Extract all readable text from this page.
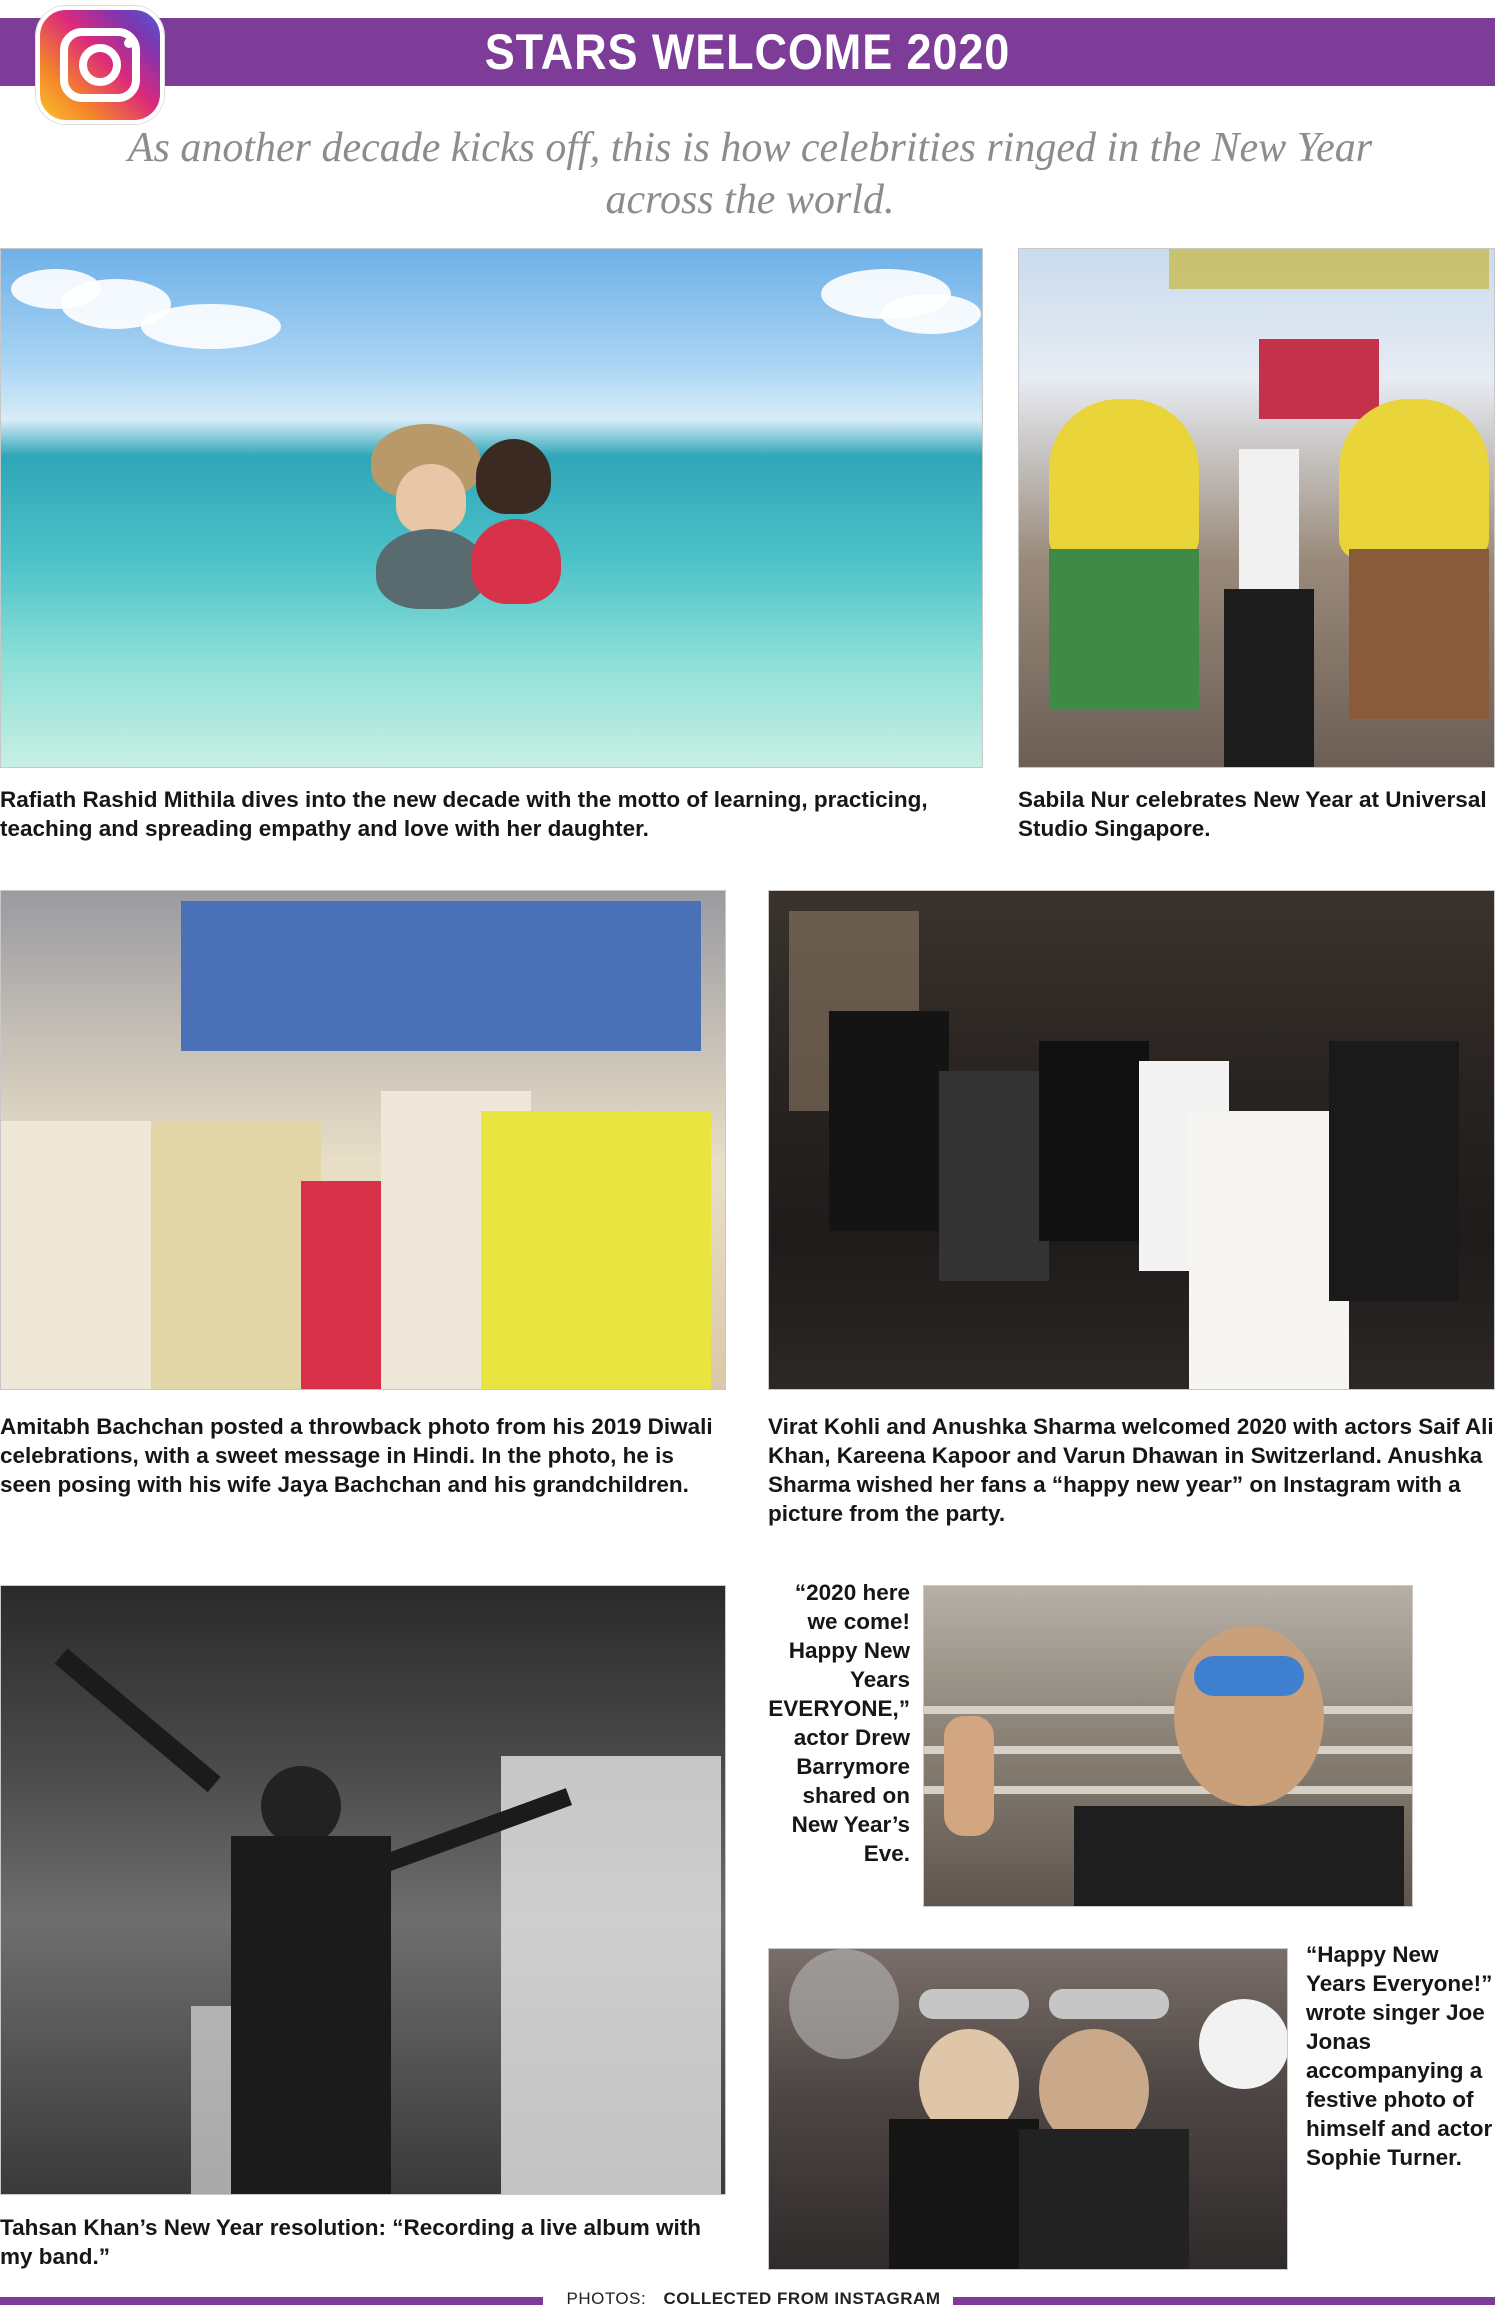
STARS WELCOME 2020
As another decade kicks off, this is how celebrities ringed in the New Year across the world.
Rafiath Rashid Mithila dives into the new decade with the motto of learning, practicing, teaching and spreading empathy and love with her daughter.
Sabila Nur celebrates New Year at Universal Studio Singapore.
Amitabh Bachchan posted a throwback photo from his 2019 Diwali celebrations, with a sweet message in Hindi. In the photo, he is seen posing with his wife Jaya Bachchan and his grandchildren.
Virat Kohli and Anushka Sharma welcomed 2020 with actors Saif Ali Khan, Kareena Kapoor and Varun Dhawan in Switzerland. Anushka Sharma wished her fans a “happy new year” on Instagram with a picture from the party.
Tahsan Khan’s New Year resolution: “Recording a live album with my band.”
“2020 here we come! Happy New Years EVERYONE,” actor Drew Barrymore shared on New Year’s Eve.
“Happy New Years Everyone!” wrote singer Joe Jonas accompanying a festive photo of himself and actor Sophie Turner.
PHOTOS: COLLECTED FROM INSTAGRAM
